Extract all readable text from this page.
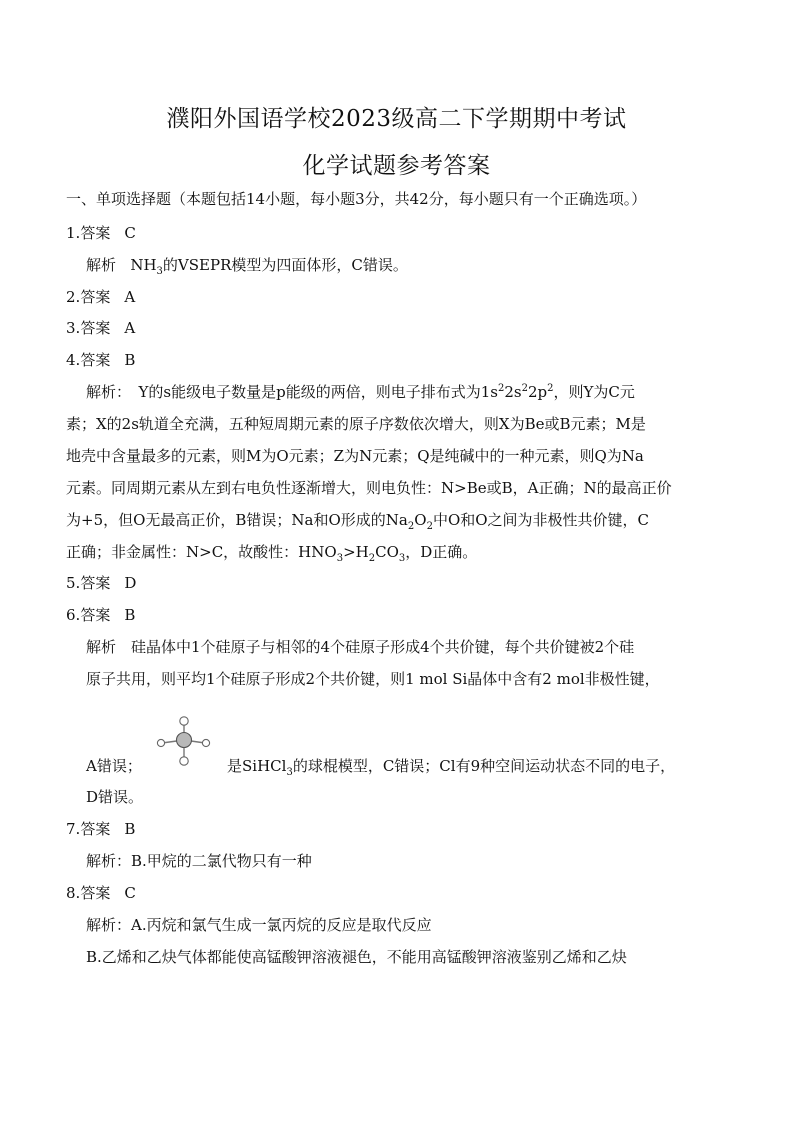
濮阳外国语学校2023级高二下学期期中考试
化学试题参考答案
一、单项选择题（本题包括14小题，每小题3分，共42分，每小题只有一个正确选项。）
1.答案 C
解析 $NH_3$的VSEPR模型为四面体形，C错误。
2.答案 A
3.答案 A
4.答案 B
解析：　Y的s能级电子数量是p能级的两倍，则电子排布式为$1s^22s^22p^2$，则Y为C元
素；X的2s轨道全充满，五种短周期元素的原子序数依次增大，则X为Be或B元素；M是
地壳中含量最多的元素，则M为O元素；Z为N元素；Q是纯碱中的一种元素，则Q为Na
元素。同周期元素从左到右电负性逐渐增大，则电负性：N>Be或B，A正确；N的最高正价
为+5，但O无最高正价，B错误；Na和O形成的$Na_2O_2$中O和O之间为非极性共价键，C
正确；非金属性：N>C，故酸性：$HNO_3>H_2CO_3$，D正确。
5.答案 D
6.答案 B
解析　硅晶体中1个硅原子与相邻的4个硅原子形成4个共价键，每个共价键被2个硅
原子共用，则平均1个硅原子形成2个共价键，则1 mol Si晶体中含有2 mol非极性键，
A错误；	是SiHCl$_3$的球棍模型，C错误；Cl有9种空间运动状态不同的电子，
D错误。
7.答案 B
解析：B.甲烷的二氯代物只有一种
8.答案 C
解析：A.丙烷和氯气生成一氯丙烷的反应是取代反应
B.乙烯和乙炔气体都能使高锰酸钾溶液褪色，不能用高锰酸钾溶液鉴别乙烯和乙炔
